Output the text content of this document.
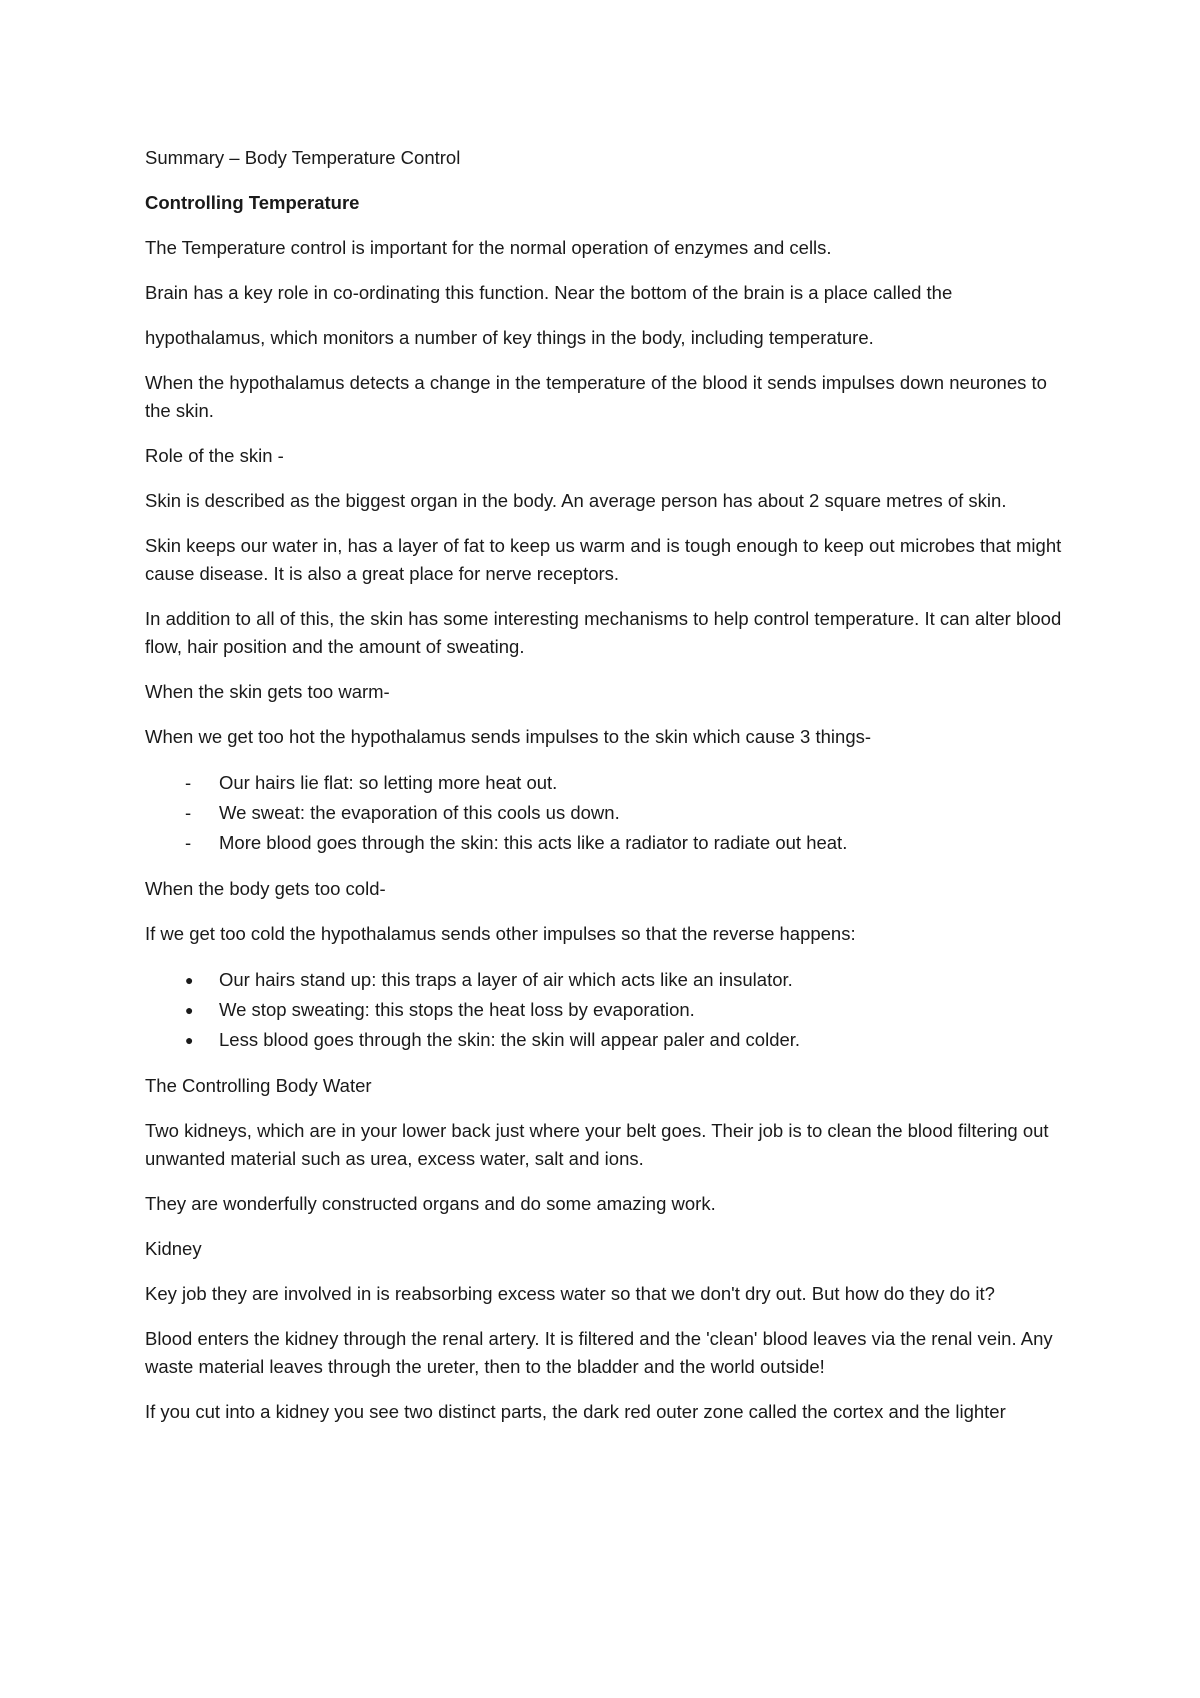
Summary – Body Temperature Control

Controlling Temperature

The Temperature control is important for the normal operation of enzymes and cells.

Brain has a key role in co-ordinating this function. Near the bottom of the brain is a place called the

hypothalamus, which monitors a number of key things in the body, including temperature.

When the hypothalamus detects a change in the temperature of the blood it sends impulses down neurones to the skin.

Role of the skin -

Skin is described as the biggest organ in the body. An average person has about 2 square metres of skin.

Skin keeps our water in, has a layer of fat to keep us warm and is tough enough to keep out microbes that might cause disease. It is also a great place for nerve receptors.

In addition to all of this, the skin has some interesting mechanisms to help control temperature. It can alter blood flow, hair position and the amount of sweating.

When the skin gets too warm-

When we get too hot the hypothalamus sends impulses to the skin which cause 3 things-

- Our hairs lie flat: so letting more heat out.
- We sweat: the evaporation of this cools us down.
- More blood goes through the skin: this acts like a radiator to radiate out heat.

When the body gets too cold-

If we get too cold the hypothalamus sends other impulses so that the reverse happens:

● Our hairs stand up: this traps a layer of air which acts like an insulator.
● We stop sweating: this stops the heat loss by evaporation.
● Less blood goes through the skin: the skin will appear paler and colder.

The Controlling Body Water

Two kidneys, which are in your lower back just where your belt goes. Their job is to clean the blood filtering out unwanted material such as urea, excess water, salt and ions.

They are wonderfully constructed organs and do some amazing work.

Kidney

Key job they are involved in is reabsorbing excess water so that we don't dry out. But how do they do it?

Blood enters the kidney through the renal artery. It is filtered and the 'clean' blood leaves via the renal vein. Any waste material leaves through the ureter, then to the bladder and the world outside!

If you cut into a kidney you see two distinct parts, the dark red outer zone called the cortex and the lighter
